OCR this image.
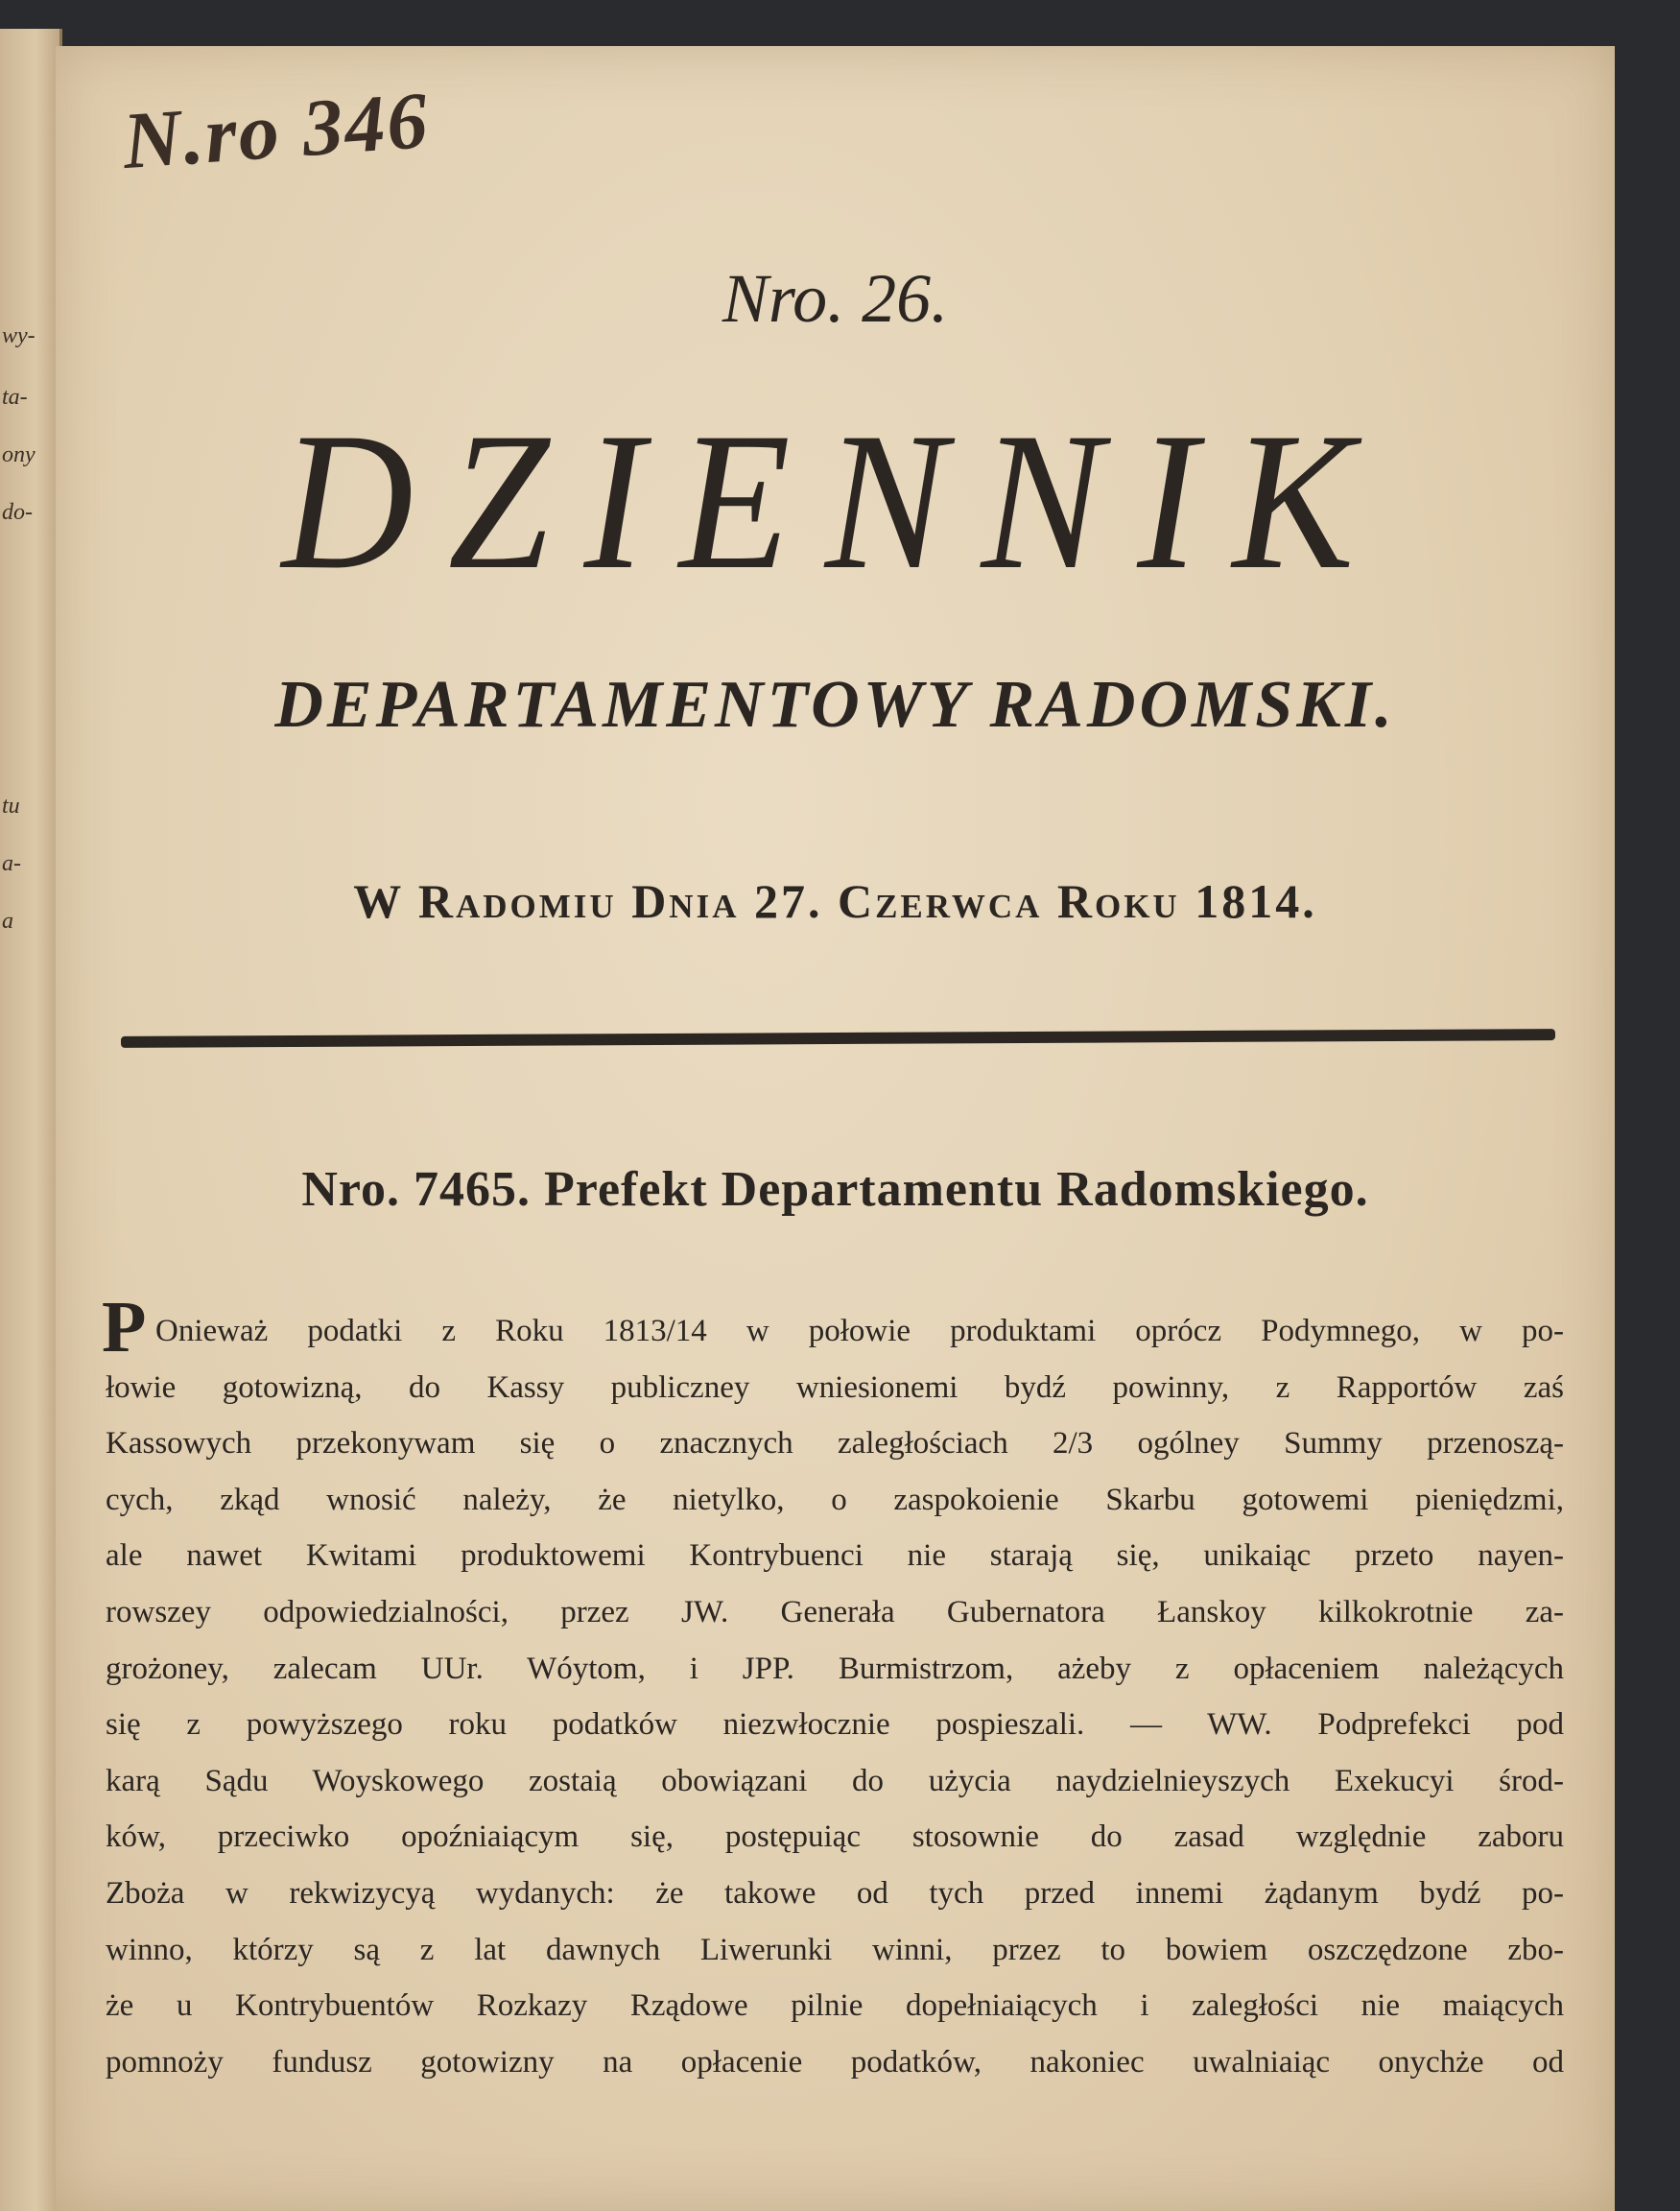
wy-
ta-
ony
do-
tu
a-
a
N.ro 346
Nro. 26.
DZIENNIK
DEPARTAMENTOWY RADOMSKI.
W Radomiu Dnia 27. Czerwca Roku 1814.
Nro. 7465. Prefekt Departamentu Radomskiego.
P Onieważ podatki z Roku 1813/14 w połowie produktami oprócz Podymnego, w po-
łowie gotowizną, do Kassy publiczney wniesionemi bydź powinny, z Rapportów zaś
Kassowych przekonywam się o znacznych zaległościach 2/3 ogólney Summy przenoszą-
cych, zkąd wnosić należy, że nietylko, o zaspokoienie Skarbu gotowemi pieniędzmi,
ale nawet Kwitami produktowemi Kontrybuenci nie starają się, unikaiąc przeto nayen-
rowszey odpowiedzialności, przez JW. Generała Gubernatora Łanskoy kilkokrotnie za-
grożoney, zalecam UUr. Wóytom, i JPP. Burmistrzom, ażeby z opłaceniem należących
się z powyższego roku podatków niezwłocznie pospieszali. — WW. Podprefekci pod
karą Sądu Woyskowego zostaią obowiązani do użycia naydzielnieyszych Exekucyi środ-
ków, przeciwko opoźniaiącym się, postępuiąc stosownie do zasad względnie zaboru
Zboża w rekwizycyą wydanych: że takowe od tych przed innemi żądanym bydź po-
winno, którzy są z lat dawnych Liwerunki winni, przez to bowiem oszczędzone zbo-
że u Kontrybuentów Rozkazy Rządowe pilnie dopełniaiących i zaległości nie maiących
pomnoży fundusz gotowizny na opłacenie podatków, nakoniec uwalniaiąc onychże od
